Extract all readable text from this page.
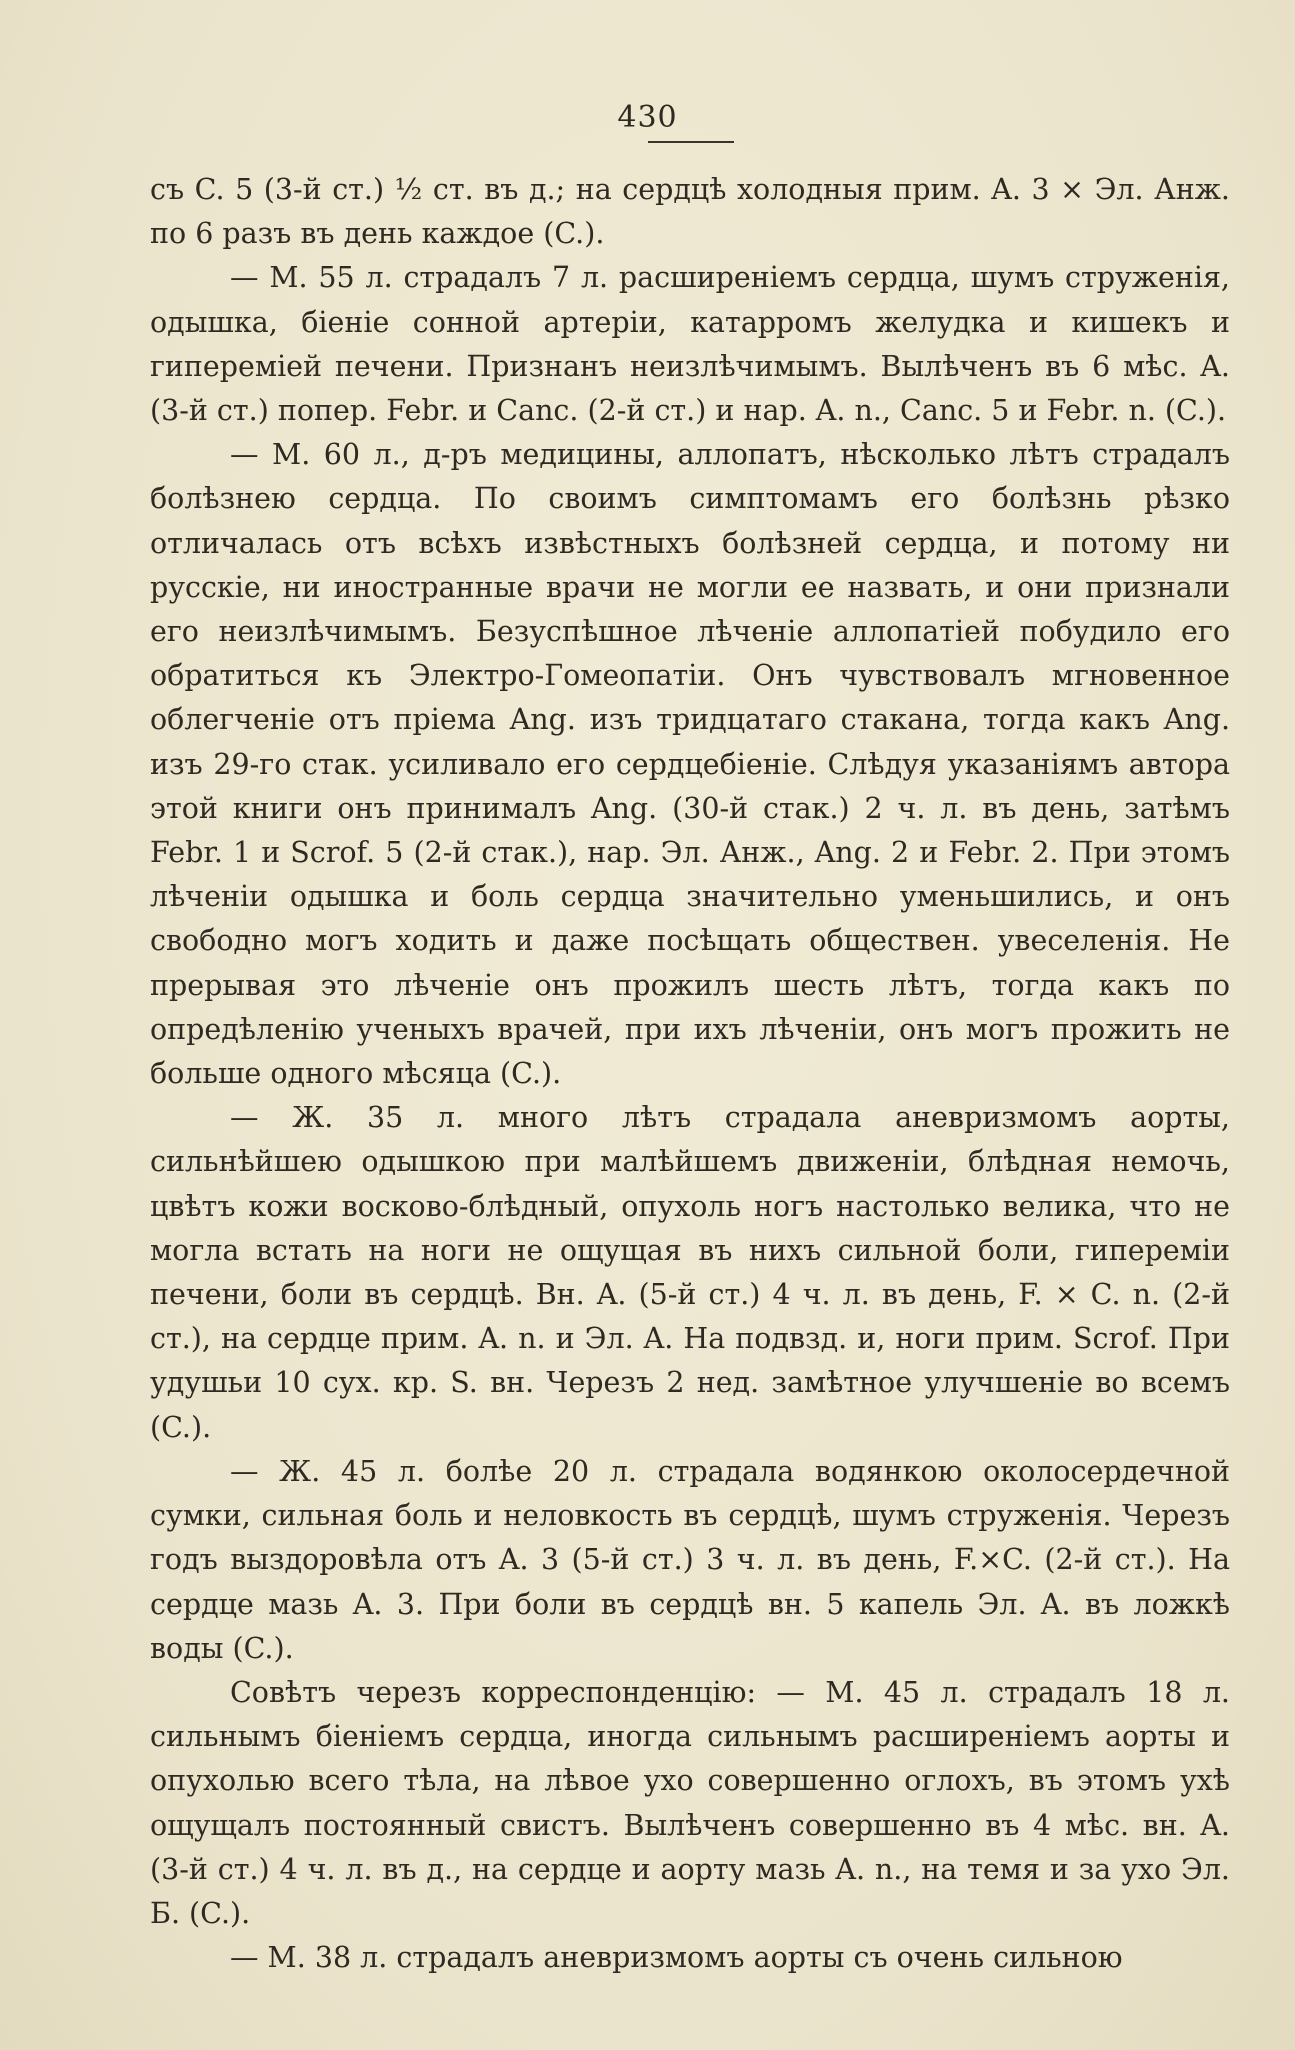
430

съ C. 5 (3-й ст.) ½ ст. въ д.; на сердцѣ холодныя прим. A. 3 × Эл. Анж. по 6 разъ въ день каждое (C.).

— М. 55 л. страдалъ 7 л. расширеніемъ сердца, шумъ струженія, одышка, біеніе сонной артеріи, катарромъ желудка и кишекъ и гипереміей печени. Признанъ неизлѣчимымъ. Вылѣченъ въ 6 мѣс. A. (3-й ст.) попер. Febr. и Canc. (2-й ст.) и нар. A. n., Canc. 5 и Febr. n. (C.).

— М. 60 л., д-ръ медицины, аллопатъ, нѣсколько лѣтъ страдалъ болѣзнею сердца. По своимъ симптомамъ его болѣзнь рѣзко отличалась отъ всѣхъ извѣстныхъ болѣзней сердца, и потому ни русскіе, ни иностранные врачи не могли ее назвать, и они признали его неизлѣчимымъ. Безуспѣшное лѣченіе аллопатіей побудило его обратиться къ Электро-Гомеопатіи. Онъ чувствовалъ мгновенное облегченіе отъ пріема Ang. изъ тридцатаго стакана, тогда какъ Ang. изъ 29-го стак. усиливало его сердцебіеніе. Слѣдуя указаніямъ автора этой книги онъ принималъ Ang. (30-й стак.) 2 ч. л. въ день, затѣмъ Febr. 1 и Scrof. 5 (2-й стак.), нар. Эл. Анж., Ang. 2 и Febr. 2. При этомъ лѣченіи одышка и боль сердца значительно уменьшились, и онъ свободно могъ ходить и даже посѣщать обществен. увеселенія. Не прерывая это лѣченіе онъ прожилъ шесть лѣтъ, тогда какъ по опредѣленію ученыхъ врачей, при ихъ лѣченіи, онъ могъ прожить не больше одного мѣсяца (C.).

— Ж. 35 л. много лѣтъ страдала аневризмомъ аорты, сильнѣйшею одышкою при малѣйшемъ движеніи, блѣдная немочь, цвѣтъ кожи восково-блѣдный, опухоль ногъ настолько велика, что не могла встать на ноги не ощущая въ нихъ сильной боли, гипереміи печени, боли въ сердцѣ. Вн. A. (5-й ст.) 4 ч. л. въ день, F. × C. n. (2-й ст.), на сердце прим. A. n. и Эл. A. На подвзд. и, ноги прим. Scrof. При удушьи 10 сух. кр. S. вн. Черезъ 2 нед. замѣтное улучшеніе во всемъ (C.).

— Ж. 45 л. болѣе 20 л. страдала водянкою околосердечной сумки, сильная боль и неловкость въ сердцѣ, шумъ струженія. Черезъ годъ выздоровѣла отъ A. 3 (5-й ст.) 3 ч. л. въ день, F.×C. (2-й ст.). На сердце мазь A. 3. При боли въ сердцѣ вн. 5 капель Эл. A. въ ложкѣ воды (C.).

Совѣтъ черезъ корреспонденцію: — М. 45 л. страдалъ 18 л. сильнымъ біеніемъ сердца, иногда сильнымъ расширеніемъ аорты и опухолью всего тѣла, на лѣвое ухо совершенно оглохъ, въ этомъ ухѣ ощущалъ постоянный свистъ. Вылѣченъ совершенно въ 4 мѣс. вн. A. (3-й ст.) 4 ч. л. въ д., на сердце и аорту мазь A. n., на темя и за ухо Эл. Б. (C.).

— М. 38 л. страдалъ аневризмомъ аорты съ очень сильною
